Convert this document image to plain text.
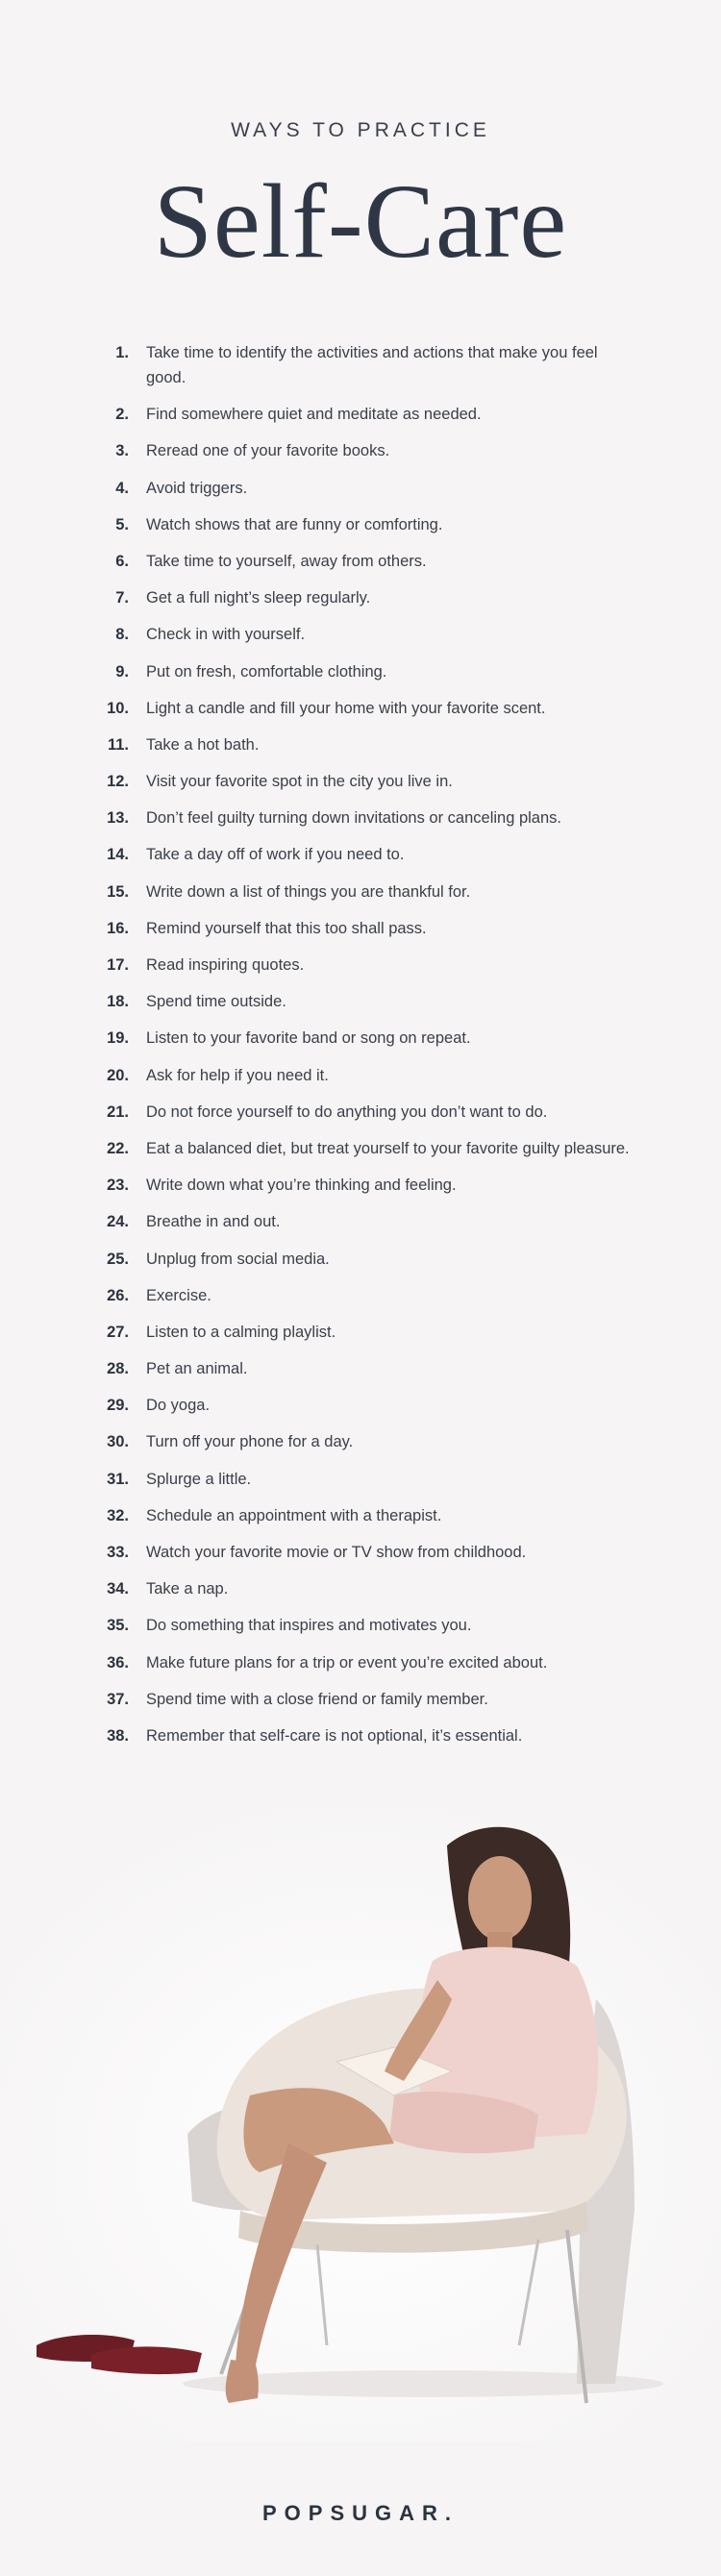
WAYS TO PRACTICE
Self-Care
1. Take time to identify the activities and actions that make you feel good.
2. Find somewhere quiet and meditate as needed.
3. Reread one of your favorite books.
4. Avoid triggers.
5. Watch shows that are funny or comforting.
6. Take time to yourself, away from others.
7. Get a full night’s sleep regularly.
8. Check in with yourself.
9. Put on fresh, comfortable clothing.
10. Light a candle and fill your home with your favorite scent.
11. Take a hot bath.
12. Visit your favorite spot in the city you live in.
13. Don’t feel guilty turning down invitations or canceling plans.
14. Take a day off of work if you need to.
15. Write down a list of things you are thankful for.
16. Remind yourself that this too shall pass.
17. Read inspiring quotes.
18. Spend time outside.
19. Listen to your favorite band or song on repeat.
20. Ask for help if you need it.
21. Do not force yourself to do anything you don’t want to do.
22. Eat a balanced diet, but treat yourself to your favorite guilty pleasure.
23. Write down what you’re thinking and feeling.
24. Breathe in and out.
25. Unplug from social media.
26. Exercise.
27. Listen to a calming playlist.
28. Pet an animal.
29. Do yoga.
30. Turn off your phone for a day.
31. Splurge a little.
32. Schedule an appointment with a therapist.
33. Watch your favorite movie or TV show from childhood.
34. Take a nap.
35. Do something that inspires and motivates you.
36. Make future plans for a trip or event you’re excited about.
37. Spend time with a close friend or family member.
38. Remember that self-care is not optional, it’s essential.
POPSUGAR.
